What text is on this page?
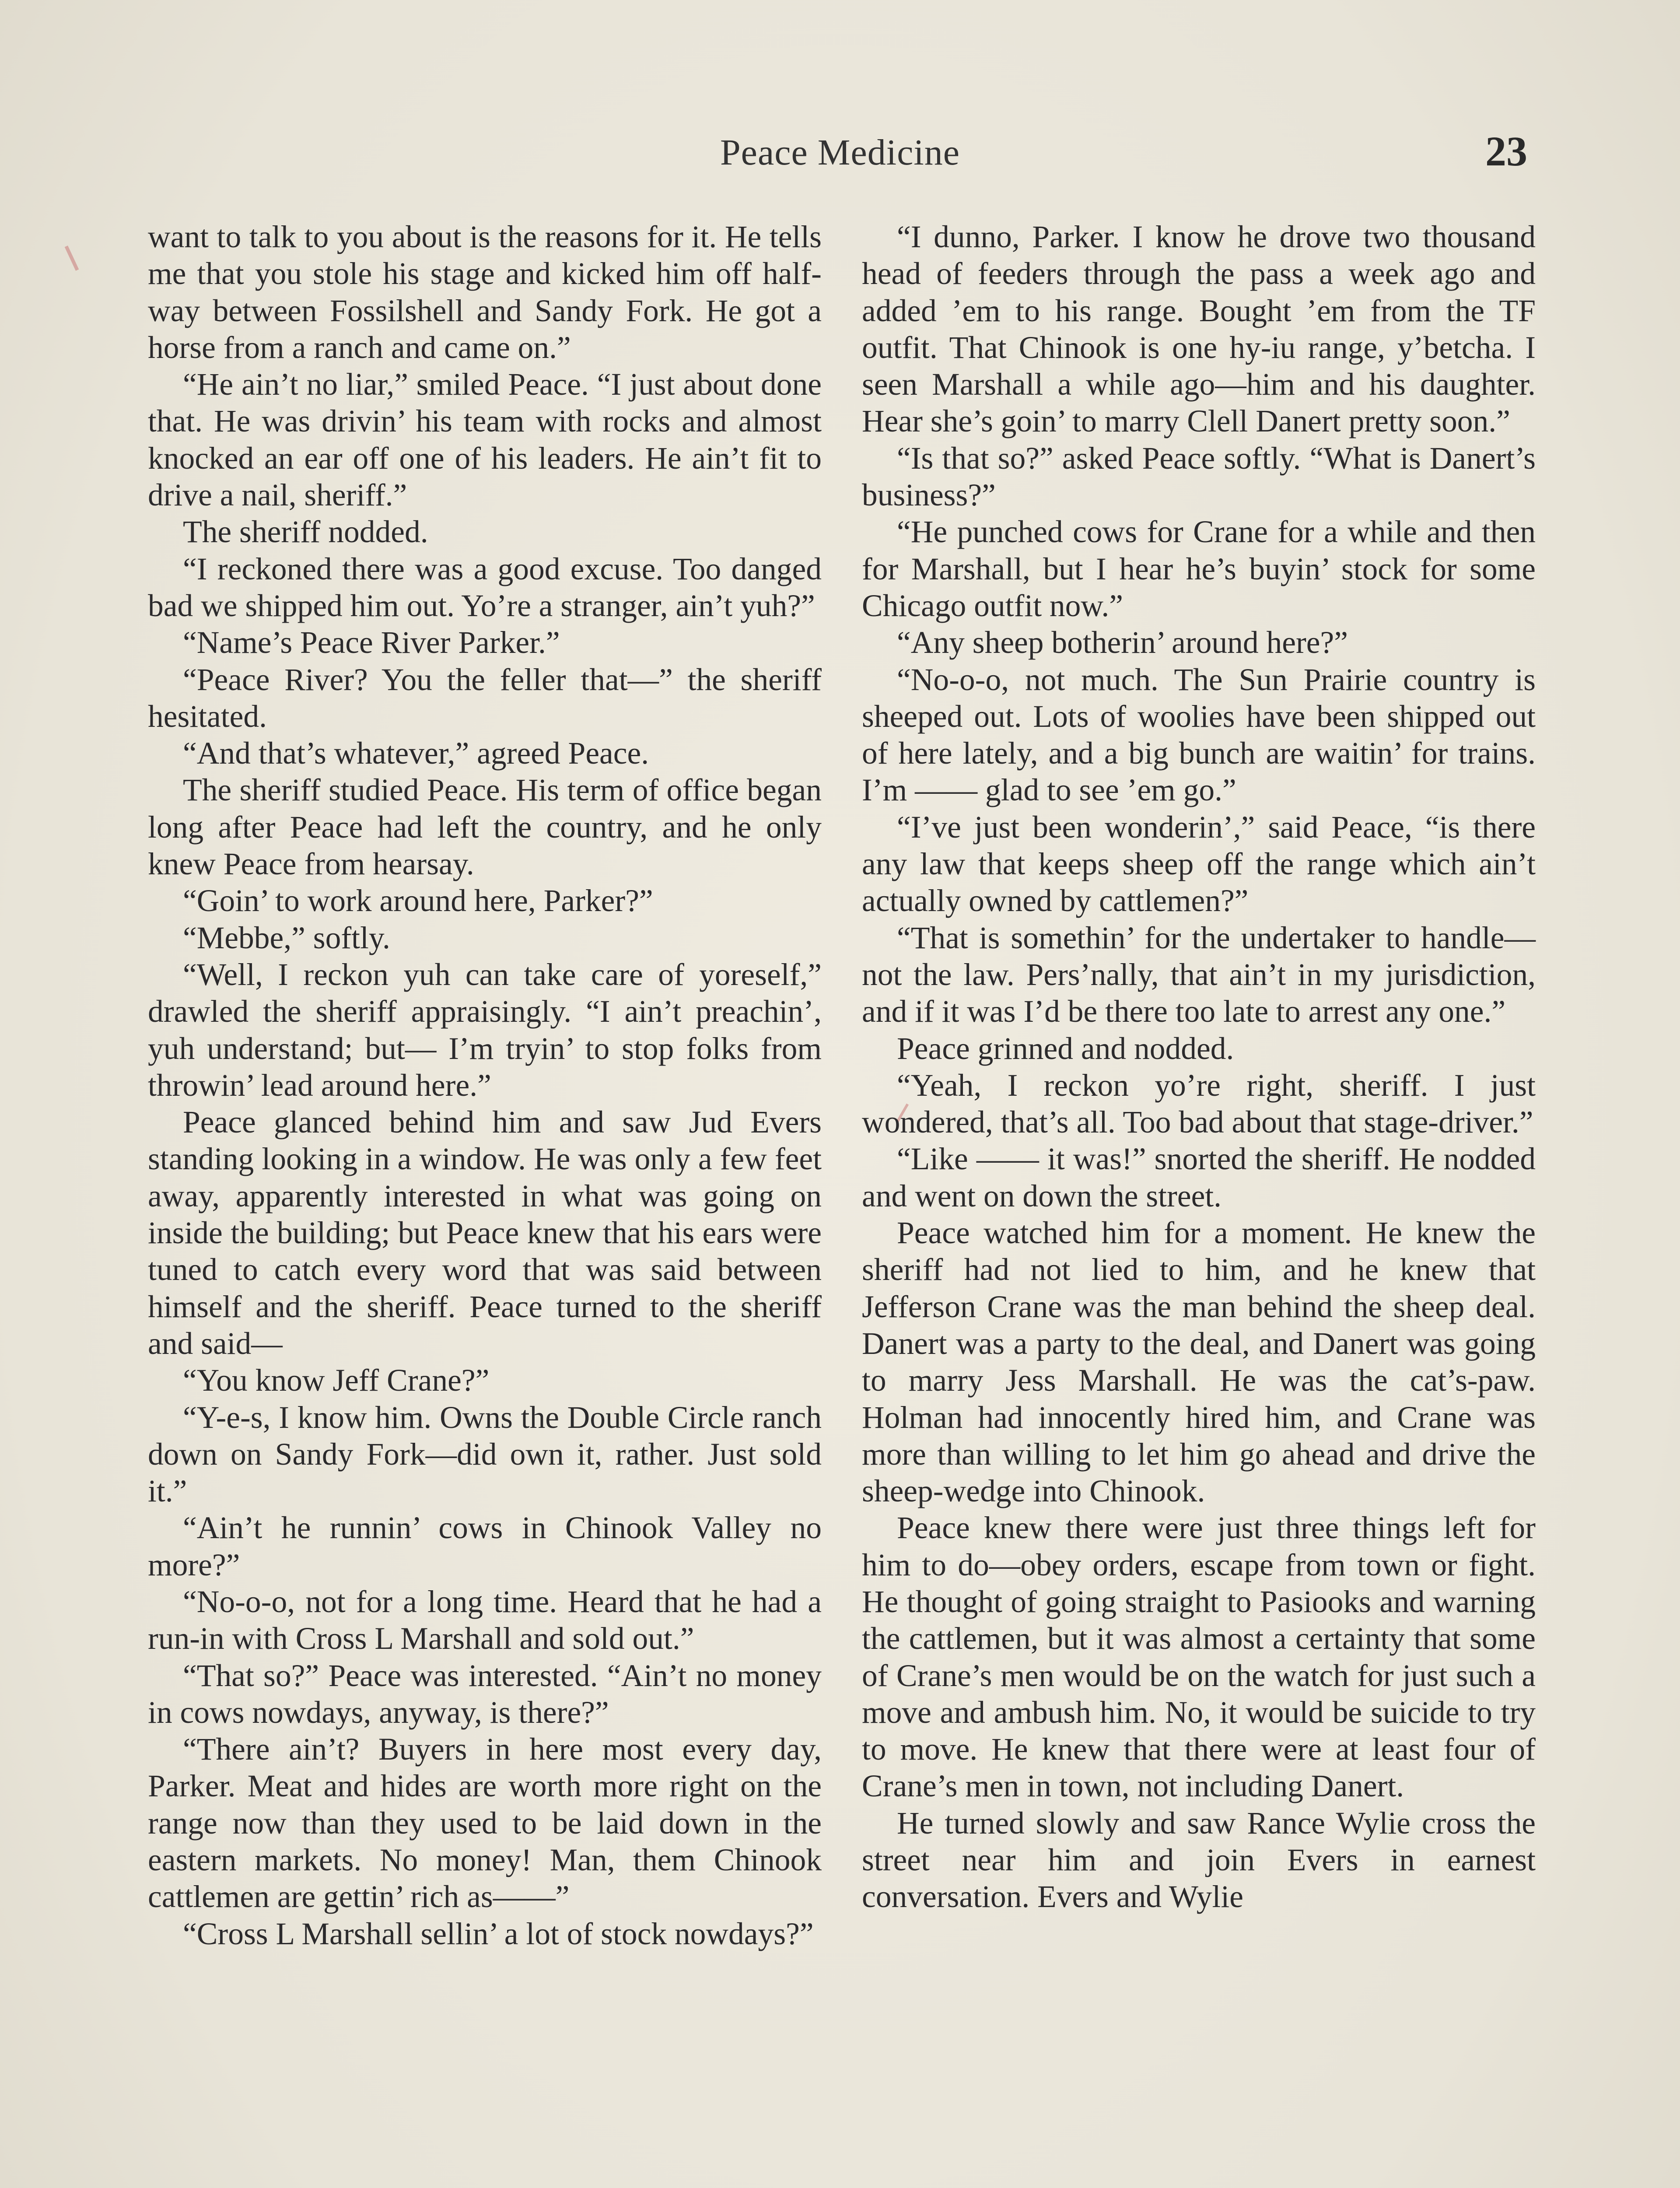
Peace Medicine	23

want to talk to you about is the reasons for it. He tells me that you stole his stage and kicked him off half-way between Fossilshell and Sandy Fork. He got a horse from a ranch and came on.”

“He ain’t no liar,” smiled Peace. “I just about done that. He was drivin’ his team with rocks and almost knocked an ear off one of his leaders. He ain’t fit to drive a nail, sheriff.”

The sheriff nodded.

“I reckoned there was a good excuse. Too danged bad we shipped him out. Yo’re a stranger, ain’t yuh?”

“Name’s Peace River Parker.”

“Peace River? You the feller that—” the sheriff hesitated.

“And that’s whatever,” agreed Peace.

The sheriff studied Peace. His term of office began long after Peace had left the country, and he only knew Peace from hearsay.

“Goin’ to work around here, Parker?”

“Mebbe,” softly.

“Well, I reckon yuh can take care of yoreself,” drawled the sheriff appraisingly. “I ain’t preachin’, yuh understand; but— I’m tryin’ to stop folks from throwin’ lead around here.”

Peace glanced behind him and saw Jud Evers standing looking in a window. He was only a few feet away, apparently interested in what was going on inside the building; but Peace knew that his ears were tuned to catch every word that was said between himself and the sheriff. Peace turned to the sheriff and said—

“You know Jeff Crane?”

“Y-e-s, I know him. Owns the Double Circle ranch down on Sandy Fork—did own it, rather. Just sold it.”

“Ain’t he runnin’ cows in Chinook Valley no more?”

“No-o-o, not for a long time. Heard that he had a run-in with Cross L Marshall and sold out.”

“That so?” Peace was interested. “Ain’t no money in cows nowdays, anyway, is there?”

“There ain’t? Buyers in here most every day, Parker. Meat and hides are worth more right on the range now than they used to be laid down in the eastern markets. No money! Man, them Chinook cattlemen are gettin’ rich as——”

“Cross L Marshall sellin’ a lot of stock nowdays?”

“I dunno, Parker. I know he drove two thousand head of feeders through the pass a week ago and added ’em to his range. Bought ’em from the TF outfit. That Chinook is one hy-iu range, y’betcha. I seen Marshall a while ago—him and his daughter. Hear she’s goin’ to marry Clell Danert pretty soon.”

“Is that so?” asked Peace softly. “What is Danert’s business?”

“He punched cows for Crane for a while and then for Marshall, but I hear he’s buyin’ stock for some Chicago outfit now.”

“Any sheep botherin’ around here?”

“No-o-o, not much. The Sun Prairie country is sheeped out. Lots of woolies have been shipped out of here lately, and a big bunch are waitin’ for trains. I’m —— glad to see ’em go.”

“I’ve just been wonderin’,” said Peace, “is there any law that keeps sheep off the range which ain’t actually owned by cattlemen?”

“That is somethin’ for the undertaker to handle—not the law. Pers’nally, that ain’t in my jurisdiction, and if it was I’d be there too late to arrest any one.”

Peace grinned and nodded.

“Yeah, I reckon yo’re right, sheriff. I just wondered, that’s all. Too bad about that stage-driver.”

“Like —— it was!” snorted the sheriff. He nodded and went on down the street.

Peace watched him for a moment. He knew the sheriff had not lied to him, and he knew that Jefferson Crane was the man behind the sheep deal. Danert was a party to the deal, and Danert was going to marry Jess Marshall. He was the cat’s-paw. Holman had innocently hired him, and Crane was more than willing to let him go ahead and drive the sheep-wedge into Chinook.

Peace knew there were just three things left for him to do—obey orders, escape from town or fight. He thought of going straight to Pasiooks and warning the cattlemen, but it was almost a certainty that some of Crane’s men would be on the watch for just such a move and ambush him. No, it would be suicide to try to move. He knew that there were at least four of Crane’s men in town, not including Danert.

He turned slowly and saw Rance Wylie cross the street near him and join Evers in earnest conversation. Evers and Wylie
